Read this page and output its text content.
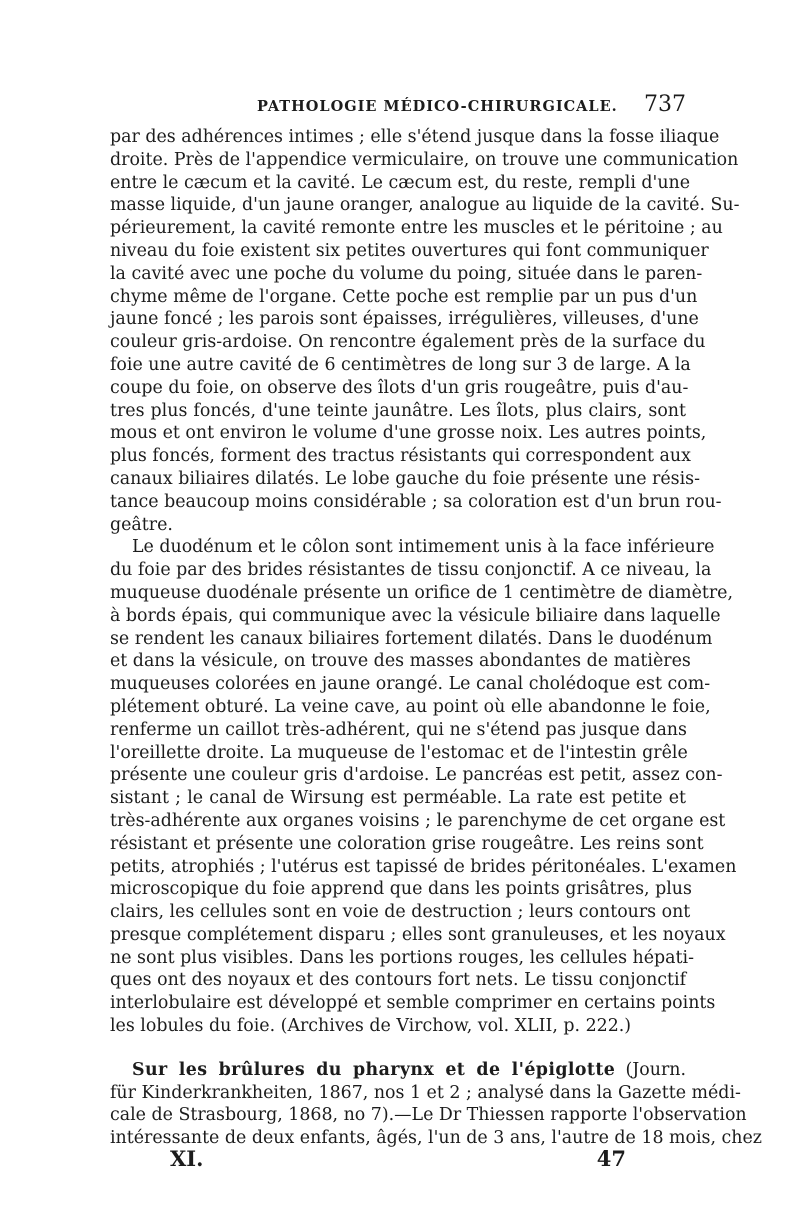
PATHOLOGIE MÉDICO-CHIRURGICALE. 737
par des adhérences intimes ; elle s'étend jusque dans la fosse iliaque
droite. Près de l'appendice vermiculaire, on trouve une communication
entre le cæcum et la cavité. Le cæcum est, du reste, rempli d'une
masse liquide, d'un jaune oranger, analogue au liquide de la cavité. Su-
périeurement, la cavité remonte entre les muscles et le péritoine ; au
niveau du foie existent six petites ouvertures qui font communiquer
la cavité avec une poche du volume du poing, située dans le paren-
chyme même de l'organe. Cette poche est remplie par un pus d'un
jaune foncé ; les parois sont épaisses, irrégulières, villeuses, d'une
couleur gris-ardoise. On rencontre également près de la surface du
foie une autre cavité de 6 centimètres de long sur 3 de large. A la
coupe du foie, on observe des îlots d'un gris rougeâtre, puis d'au-
tres plus foncés, d'une teinte jaunâtre. Les îlots, plus clairs, sont
mous et ont environ le volume d'une grosse noix. Les autres points,
plus foncés, forment des tractus résistants qui correspondent aux
canaux biliaires dilatés. Le lobe gauche du foie présente une résis-
tance beaucoup moins considérable ; sa coloration est d'un brun rou-
geâtre.
Le duodénum et le côlon sont intimement unis à la face inférieure
du foie par des brides résistantes de tissu conjonctif. A ce niveau, la
muqueuse duodénale présente un orifice de 1 centimètre de diamètre,
à bords épais, qui communique avec la vésicule biliaire dans laquelle
se rendent les canaux biliaires fortement dilatés. Dans le duodénum
et dans la vésicule, on trouve des masses abondantes de matières
muqueuses colorées en jaune orangé. Le canal cholédoque est com-
plétement obturé. La veine cave, au point où elle abandonne le foie,
renferme un caillot très-adhérent, qui ne s'étend pas jusque dans
l'oreillette droite. La muqueuse de l'estomac et de l'intestin grêle
présente une couleur gris d'ardoise. Le pancréas est petit, assez con-
sistant ; le canal de Wirsung est perméable. La rate est petite et
très-adhérente aux organes voisins ; le parenchyme de cet organe est
résistant et présente une coloration grise rougeâtre. Les reins sont
petits, atrophiés ; l'utérus est tapissé de brides péritonéales. L'examen
microscopique du foie apprend que dans les points grisâtres, plus
clairs, les cellules sont en voie de destruction ; leurs contours ont
presque complétement disparu ; elles sont granuleuses, et les noyaux
ne sont plus visibles. Dans les portions rouges, les cellules hépati-
ques ont des noyaux et des contours fort nets. Le tissu conjonctif
interlobulaire est développé et semble comprimer en certains points
les lobules du foie. (Archives de Virchow, vol. XLII, p. 222.)
Sur les brûlures du pharynx et de l'épiglotte (Journ.
für Kinderkrankheiten, 1867, nos 1 et 2 ; analysé dans la Gazette médi-
cale de Strasbourg, 1868, no 7).—Le Dr Thiessen rapporte l'observation
intéressante de deux enfants, âgés, l'un de 3 ans, l'autre de 18 mois, chez
XI.	47
